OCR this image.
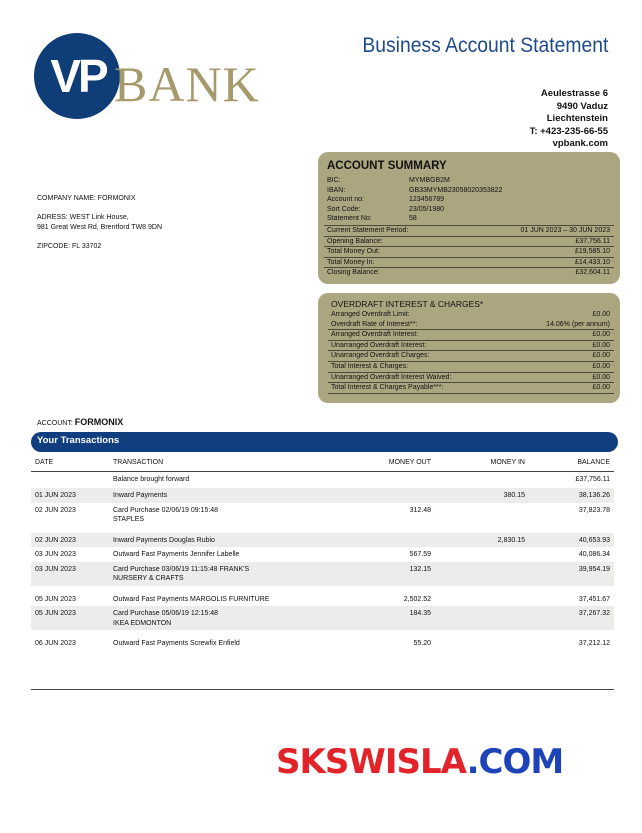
VP BANK
Business Account Statement
Aeulestrasse 6
9490 Vaduz
Liechtenstein
T: +423-235-66-55
vpbank.com
COMPANY NAME: FORMONIX
ADRESS: WEST Link House,
981 Great West Rd, Brentford TW8 9DN
ZIPCODE: FL 33702
ACCOUNT SUMMARY
BIC:	MYMBGB2M
IBAN:	GB33MYMB23058020353822
Account no:	123456789
Sort Code:	23/05/1980
Statement No:	58
Current Statement Period:	01 JUN 2023 – 30 JUN 2023
Opening Balance:	£37,756.11
Total Money Out:	£19,585.10
Total Money In:	£14,433.10
Closing Balance:	£32,604.11
OVERDRAFT INTEREST & CHARGES*
Arranged Overdraft Limit:	£0.00
Overdraft Rate of Interest**:	14.06% (per annum)
Arranged Overdraft Interest:	£0.00
Unarranged Overdraft Interest:	£0.00
Unarranged Overdraft Charges:	£0.00
Total Interest & Charges:	£0.00
Unarranged Overdraft Interest Waived:	£0.00
Total Interest & Charges Payable***:	£0.00
ACCOUNT: FORMONIX
Your Transactions
DATE	TRANSACTION	MONEY OUT	MONEY IN	BALANCE

	Balance brought forward			£37,756.11

01 JUN 2023	Inward Payments		380.15	38,136.26

02 JUN 2023	Card Purchase 02/06/19 09:15:48
STAPLES	312.48		37,823.78

02 JUN 2023	Inward Payments Douglas Rubio		2,830.15	40,653.93

03 JUN 2023	Outward Fast Payments Jennifer Labelle	567.59		40,086.34

03 JUN 2023	Card Purchase 03/06/19 11:15:48 FRANK'S
NURSERY & CRAFTS	132.15		39,954.19

05 JUN 2023	Outward Fast Payments MARGOLIS FURNITURE	2,502.52		37,451.67

05 JUN 2023	Card Purchase 05/06/19 12:15:48
IKEA EDMONTON	184.35		37,267.32

06 JUN 2023	Outward Fast Payments Screwfix Enfield	55.20		37,212.12
SKSWISLA.COM
